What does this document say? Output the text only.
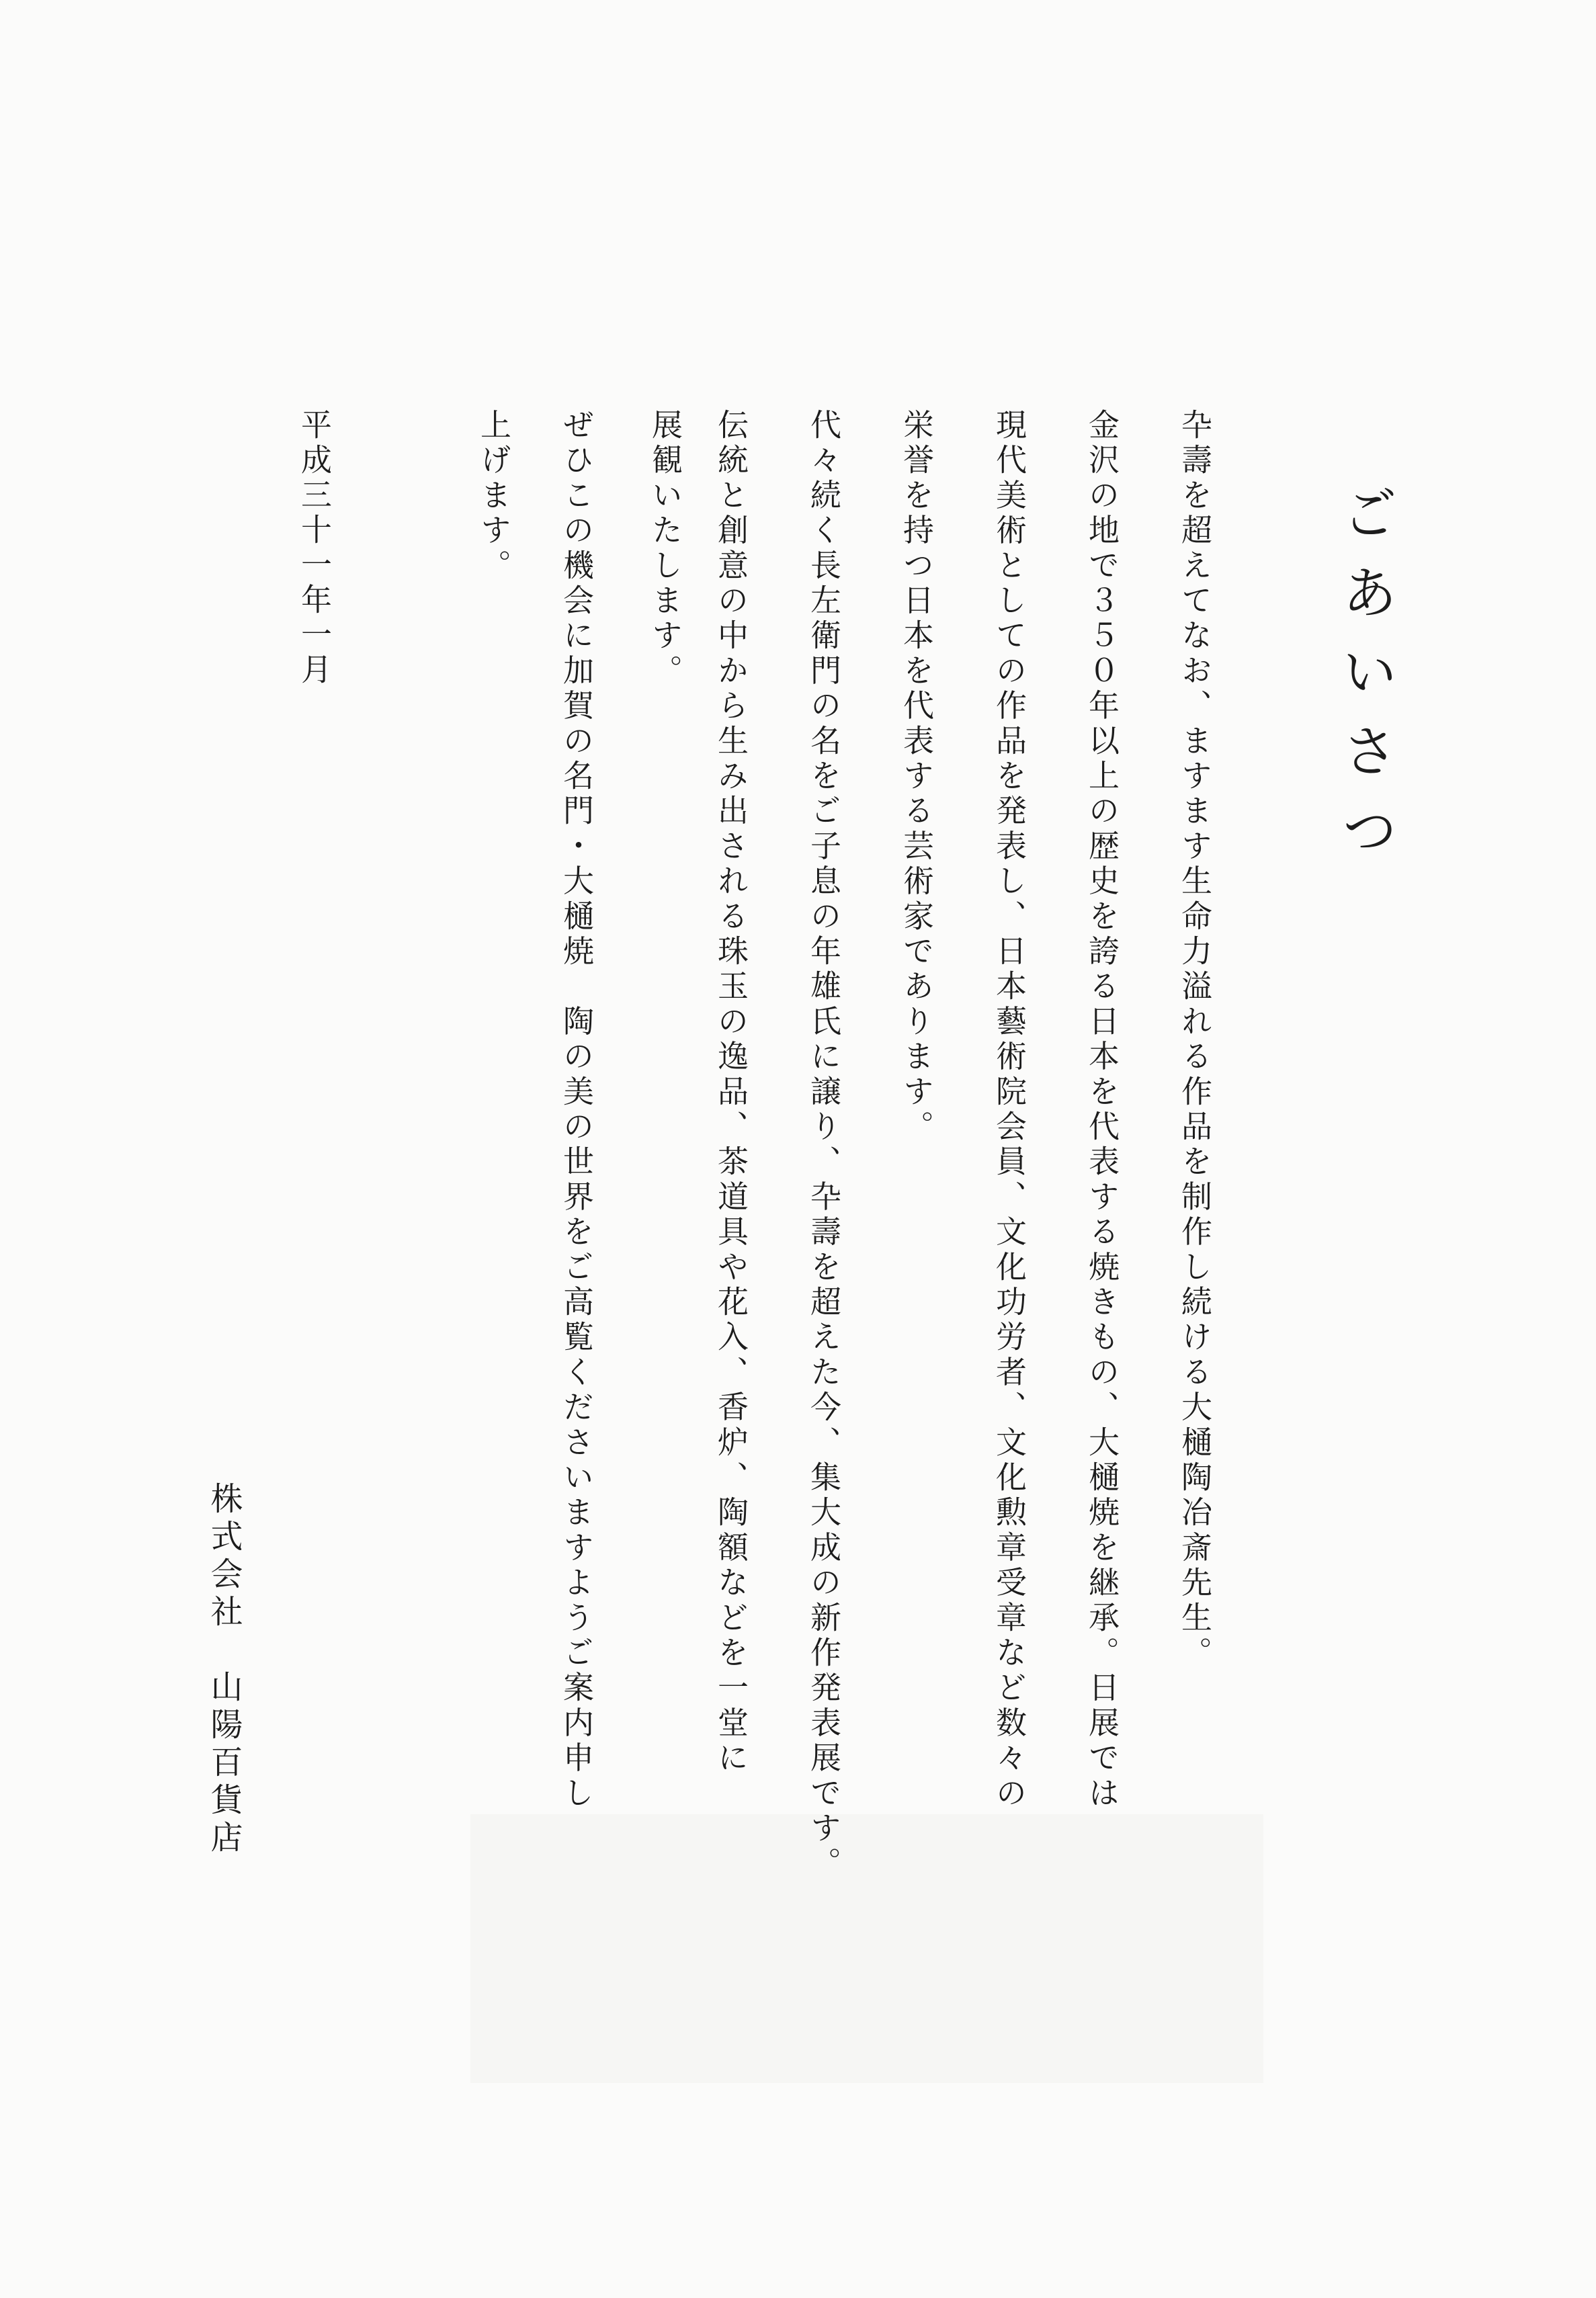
ごあいさつ
卆壽を超えてなお、ますます生命力溢れる作品を制作し続ける大樋陶冶斎先生。
金沢の地で３５０年以上の歴史を誇る日本を代表する焼きもの、大樋焼を継承。日展では
現代美術としての作品を発表し、日本藝術院会員、文化功労者、文化勲章受章など数々の
栄誉を持つ日本を代表する芸術家であります。
代々続く長左衛門の名をご子息の年雄氏に譲り、卆壽を超えた今、集大成の新作発表展です。
伝統と創意の中から生み出される珠玉の逸品、茶道具や花入、香炉、陶額などを一堂に
展観いたします。
ぜひこの機会に加賀の名門・大樋焼　陶の美の世界をご高覧くださいますようご案内申し
上げます。
平成三十一年一月
株式会社　山陽百貨店
